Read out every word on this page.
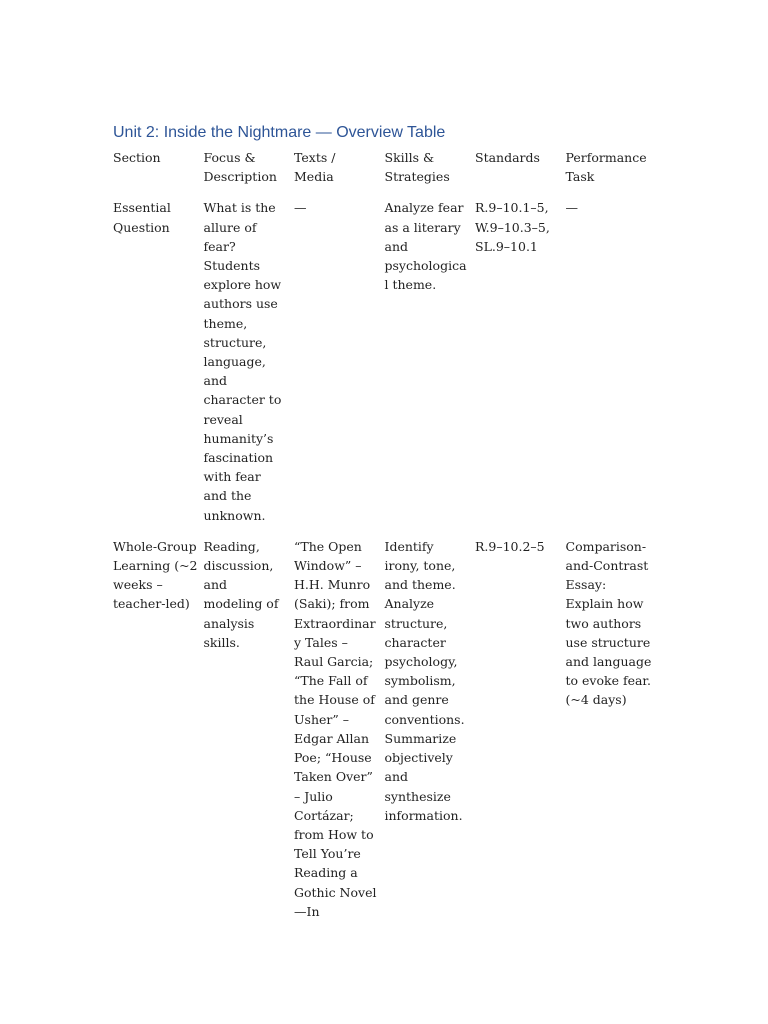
Unit 2: Inside the Nightmare — Overview Table
Section	Focus & Description	Texts / Media	Skills & Strategies	Standards	Performance Task
Essential Question	What is the allure of fear? Students explore how authors use theme, structure, language, and character to reveal humanity’s fascination with fear and the unknown.	—	Analyze fear as a literary and psychological theme.	R.9–10.1–5, W.9–10.3–5, SL.9–10.1	—
Whole-Group Learning (~2 weeks – teacher-led)	Reading, discussion, and modeling of analysis skills.	“The Open Window” – H.H. Munro (Saki); from Extraordinary Tales – Raul Garcia; “The Fall of the House of Usher” – Edgar Allan Poe; “House Taken Over” – Julio Cortázar; from How to Tell You’re Reading a Gothic Novel—In	Identify irony, tone, and theme. Analyze structure, character psychology, symbolism, and genre conventions. Summarize objectively and synthesize information.	R.9–10.2–5	Comparison-and-Contrast Essay: Explain how two authors use structure and language to evoke fear. (~4 days)
